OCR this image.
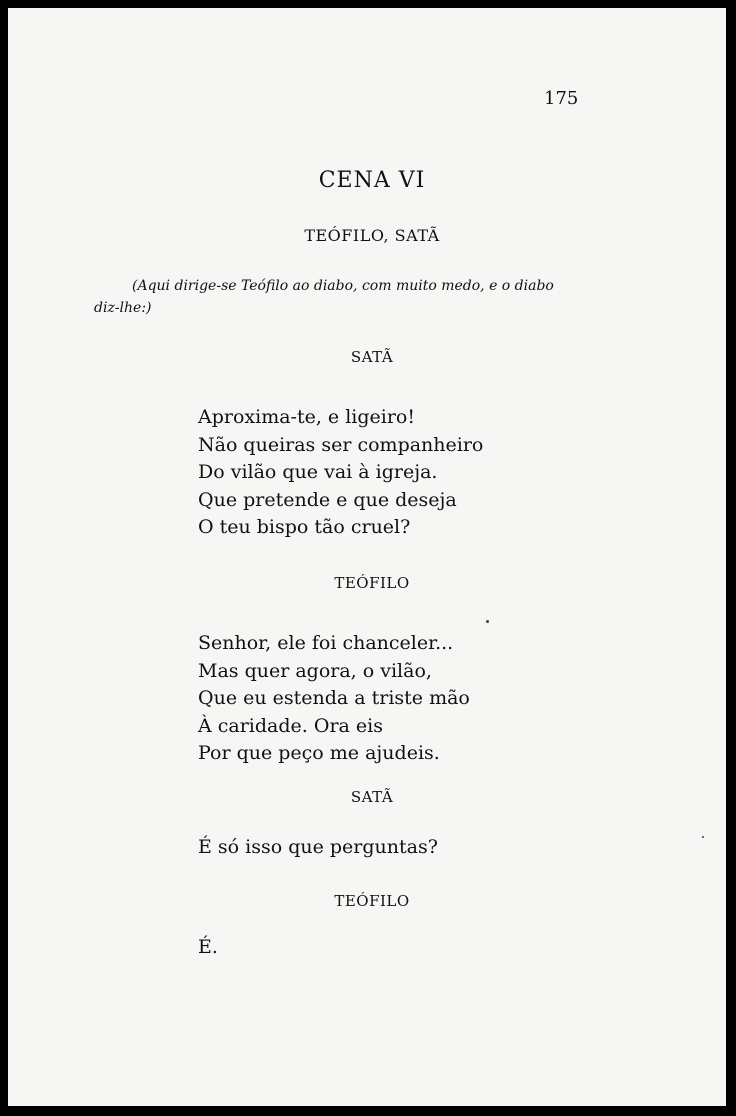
175

CENA VI

TEÓFILO, SATÃ

(Aqui dirige-se Teófilo ao diabo, com muito medo, e o diabo

diz-lhe:)

SATÃ

Aproxima-te, e ligeiro!
Não queiras ser companheiro
Do vilão que vai à igreja.
Que pretende e que deseja
O teu bispo tão cruel?

TEÓFILO

Senhor, ele foi chanceler...
Mas quer agora, o vilão,
Que eu estenda a triste mão
À caridade. Ora eis
Por que peço me ajudeis.

SATÃ

É só isso que perguntas?

TEÓFILO

É.
